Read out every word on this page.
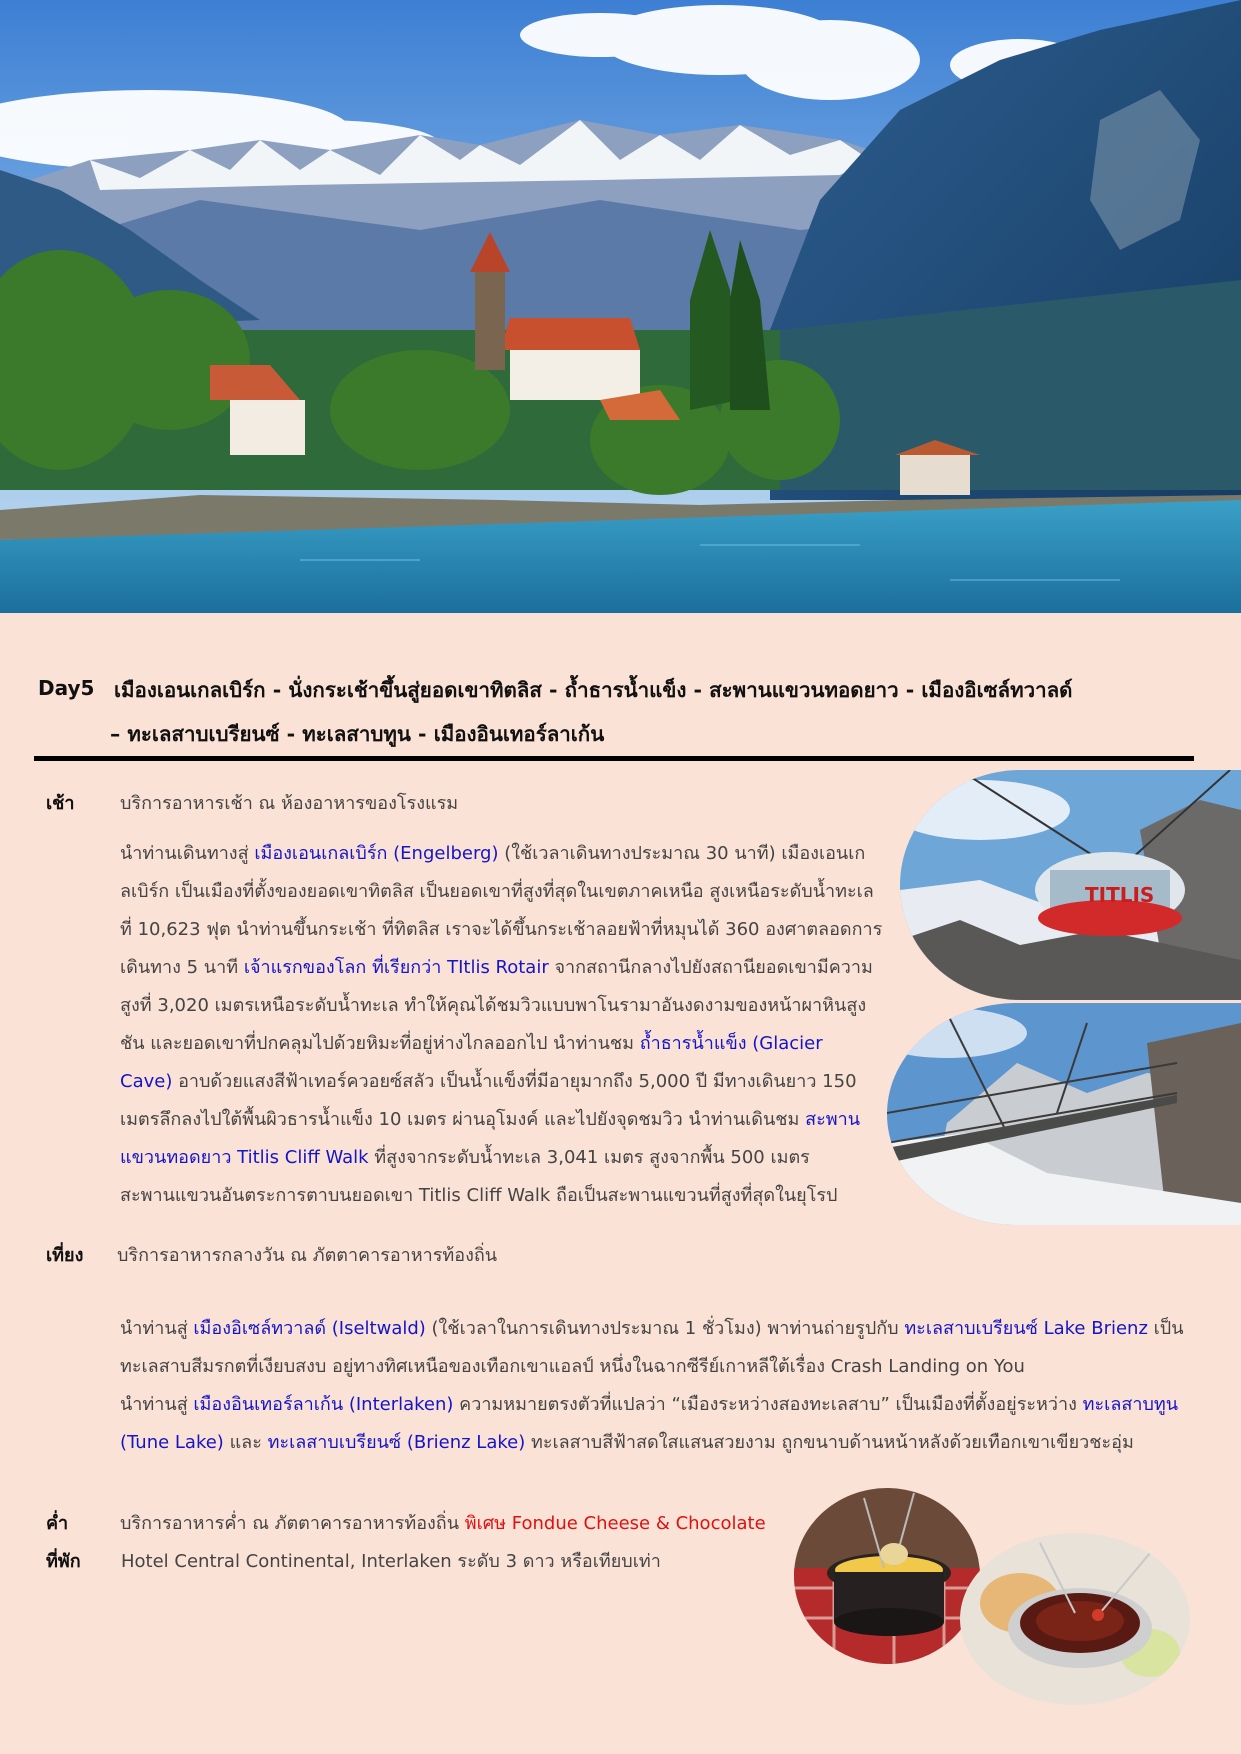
Day5 เมืองเอนเกลเบิร์ก - นั่งกระเช้าขึ้นสู่ยอดเขาทิตลิส - ถ้ำธารน้ำแข็ง - สะพานแขวนทอดยาว - เมืองอิเซล์ทวาลด์
– ทะเลสาบเบรียนซ์ - ทะเลสาบทูน - เมืองอินเทอร์ลาเก้น
เช้า	บริการอาหารเช้า ณ ห้องอาหารของโรงแรม
นำท่านเดินทางสู่ เมืองเอนเกลเบิร์ก (Engelberg) (ใช้เวลาเดินทางประมาณ 30 นาที) เมืองเอนเก
ลเบิร์ก เป็นเมืองที่ตั้งของยอดเขาทิตลิส เป็นยอดเขาที่สูงที่สุดในเขตภาคเหนือ สูงเหนือระดับน้ำทะเล
ที่ 10,623 ฟุต นำท่านขึ้นกระเช้า ที่ทิตลิส เราจะได้ขึ้นกระเช้าลอยฟ้าที่หมุนได้ 360 องศาตลอดการ
เดินทาง 5 นาที เจ้าแรกของโลก ที่เรียกว่า TItlis Rotair จากสถานีกลางไปยังสถานียอดเขามีความ
สูงที่ 3,020 เมตรเหนือระดับน้ำทะเล ทำให้คุณได้ชมวิวแบบพาโนรามาอันงดงามของหน้าผาหินสูง
ชัน และยอดเขาที่ปกคลุมไปด้วยหิมะที่อยู่ห่างไกลออกไป นำท่านชม ถ้ำธารน้ำแข็ง (Glacier
Cave) อาบด้วยแสงสีฟ้าเทอร์ควอยซ์สลัว เป็นน้ำแข็งที่มีอายุมากถึง 5,000 ปี มีทางเดินยาว 150
เมตรลึกลงไปใต้พื้นผิวธารน้ำแข็ง 10 เมตร ผ่านอุโมงค์ และไปยังจุดชมวิว นำท่านเดินชม สะพาน
แขวนทอดยาว Titlis Cliff Walk ที่สูงจากระดับน้ำทะเล 3,041 เมตร สูงจากพื้น 500 เมตร
สะพานแขวนอันตระการตาบนยอดเขา Titlis Cliff Walk ถือเป็นสะพานแขวนที่สูงที่สุดในยุโรป
TITLIS
เที่ยง บริการอาหารกลางวัน ณ ภัตตาคารอาหารท้องถิ่น
นำท่านสู่ เมืองอิเซล์ทวาลด์ (Iseltwald) (ใช้เวลาในการเดินทางประมาณ 1 ชั่วโมง) พาท่านถ่ายรูปกับ ทะเลสาบเบรียนซ์ Lake Brienz เป็น
ทะเลสาบสีมรกตที่เงียบสงบ อยู่ทางทิศเหนือของเทือกเขาแอลป์ หนึ่งในฉากซีรีย์เกาหลีใต้เรื่อง Crash Landing on You
นำท่านสู่ เมืองอินเทอร์ลาเก้น (Interlaken) ความหมายตรงตัวที่แปลว่า “เมืองระหว่างสองทะเลสาบ” เป็นเมืองที่ตั้งอยู่ระหว่าง ทะเลสาบทูน
(Tune Lake) และ ทะเลสาบเบรียนซ์ (Brienz Lake) ทะเลสาบสีฟ้าสดใสแสนสวยงาม ถูกขนาบด้านหน้าหลังด้วยเทือกเขาเขียวชะอุ่ม
ค่ำ	บริการอาหารค่ำ ณ ภัตตาคารอาหารท้องถิ่น พิเศษ Fondue Cheese & Chocolate
ที่พัก Hotel Central Continental, Interlaken ระดับ 3 ดาว หรือเทียบเท่า
